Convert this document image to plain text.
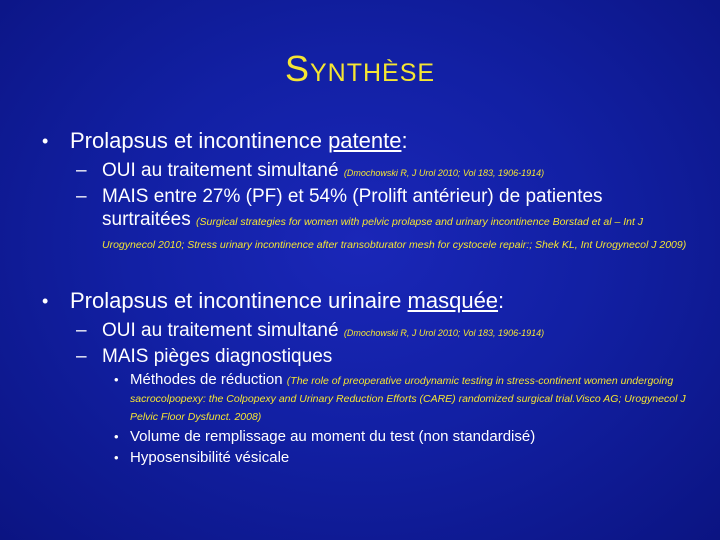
Synthèse
• Prolapsus et incontinence patente:
– OUI au traitement simultané (Dmochowski R, J Urol 2010; Vol 183, 1906-1914)
– MAIS entre 27% (PF) et 54% (Prolift antérieur) de patientes surtraitées (Surgical strategies for women with pelvic prolapse and urinary incontinence Borstad et al – Int J Urogynecol 2010; Stress urinary incontinence after transobturator mesh for cystocele repair:; Shek KL, Int Urogynecol J 2009)
• Prolapsus et incontinence urinaire masquée:
– OUI au traitement simultané (Dmochowski R, J Urol 2010; Vol 183, 1906-1914)
– MAIS pièges diagnostiques
• Méthodes de réduction (The role of preoperative urodynamic testing in stress-continent women undergoing sacrocolpopexy: the Colpopexy and Urinary Reduction Efforts (CARE) randomized surgical trial.Visco AG; Urogynecol J Pelvic Floor Dysfunct. 2008)
• Volume de remplissage au moment du test (non standardisé)
• Hyposensibilité vésicale
